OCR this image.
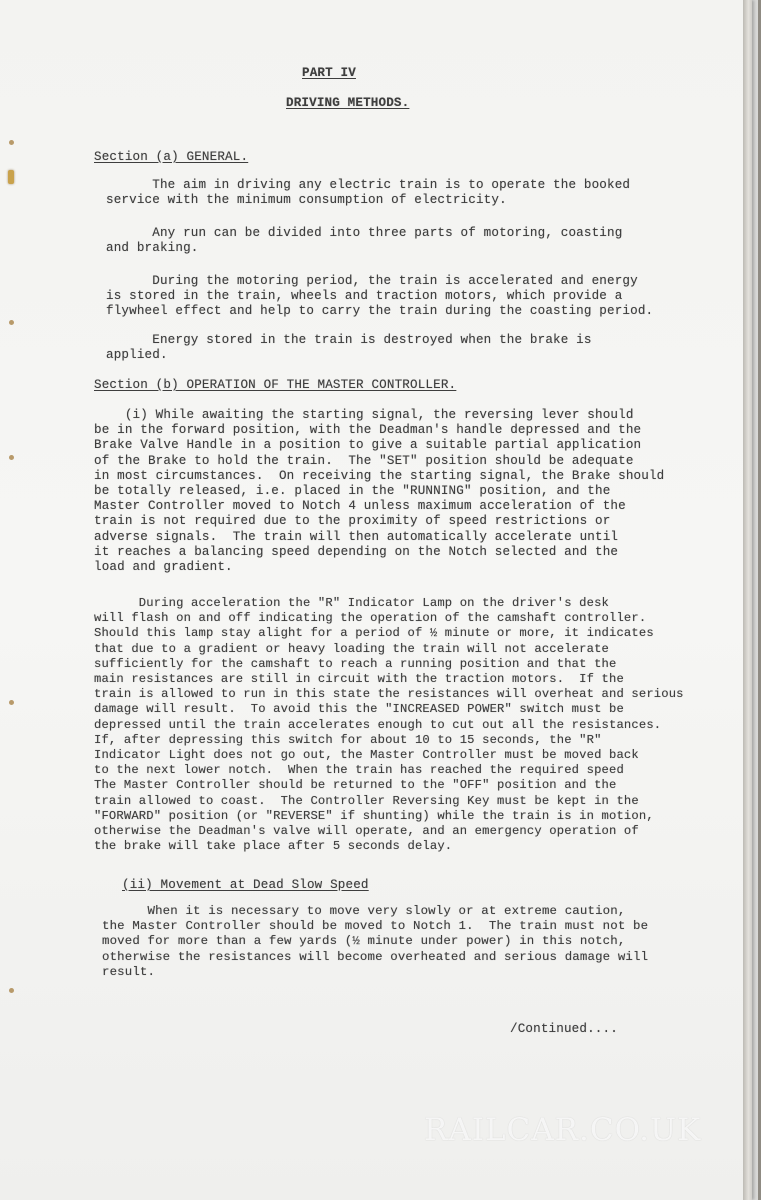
PART IV

DRIVING METHODS.

Section (a) GENERAL.

The aim in driving any electric train is to operate the booked
service with the minimum consumption of electricity.

Any run can be divided into three parts of motoring, coasting
and braking.

During the motoring period, the train is accelerated and energy
is stored in the train, wheels and traction motors, which provide a
flywheel effect and help to carry the train during the coasting period.

Energy stored in the train is destroyed when the brake is
applied.

Section (b) OPERATION OF THE MASTER CONTROLLER.

(i) While awaiting the starting signal, the reversing lever should
be in the forward position, with the Deadman's handle depressed and the
Brake Valve Handle in a position to give a suitable partial application
of the Brake to hold the train.  The "SET" position should be adequate
in most circumstances.  On receiving the starting signal, the Brake should
be totally released, i.e. placed in the "RUNNING" position, and the
Master Controller moved to Notch 4 unless maximum acceleration of the
train is not required due to the proximity of speed restrictions or
adverse signals.  The train will then automatically accelerate until
it reaches a balancing speed depending on the Notch selected and the
load and gradient.

During acceleration the "R" Indicator Lamp on the driver's desk
will flash on and off indicating the operation of the camshaft controller.
Should this lamp stay alight for a period of ½ minute or more, it indicates
that due to a gradient or heavy loading the train will not accelerate
sufficiently for the camshaft to reach a running position and that the
main resistances are still in circuit with the traction motors.  If the
train is allowed to run in this state the resistances will overheat and serious
damage will result.  To avoid this the "INCREASED POWER" switch must be
depressed until the train accelerates enough to cut out all the resistances.
If, after depressing this switch for about 10 to 15 seconds, the "R"
Indicator Light does not go out, the Master Controller must be moved back
to the next lower notch.  When the train has reached the required speed
The Master Controller should be returned to the "OFF" position and the
train allowed to coast.  The Controller Reversing Key must be kept in the
"FORWARD" position (or "REVERSE" if shunting) while the train is in motion,
otherwise the Deadman's valve will operate, and an emergency operation of
the brake will take place after 5 seconds delay.

(ii) Movement at Dead Slow Speed

When it is necessary to move very slowly or at extreme caution,
the Master Controller should be moved to Notch 1.  The train must not be
moved for more than a few yards (½ minute under power) in this notch,
otherwise the resistances will become overheated and serious damage will
result.

/Continued....

RAILCAR.CO.UK
